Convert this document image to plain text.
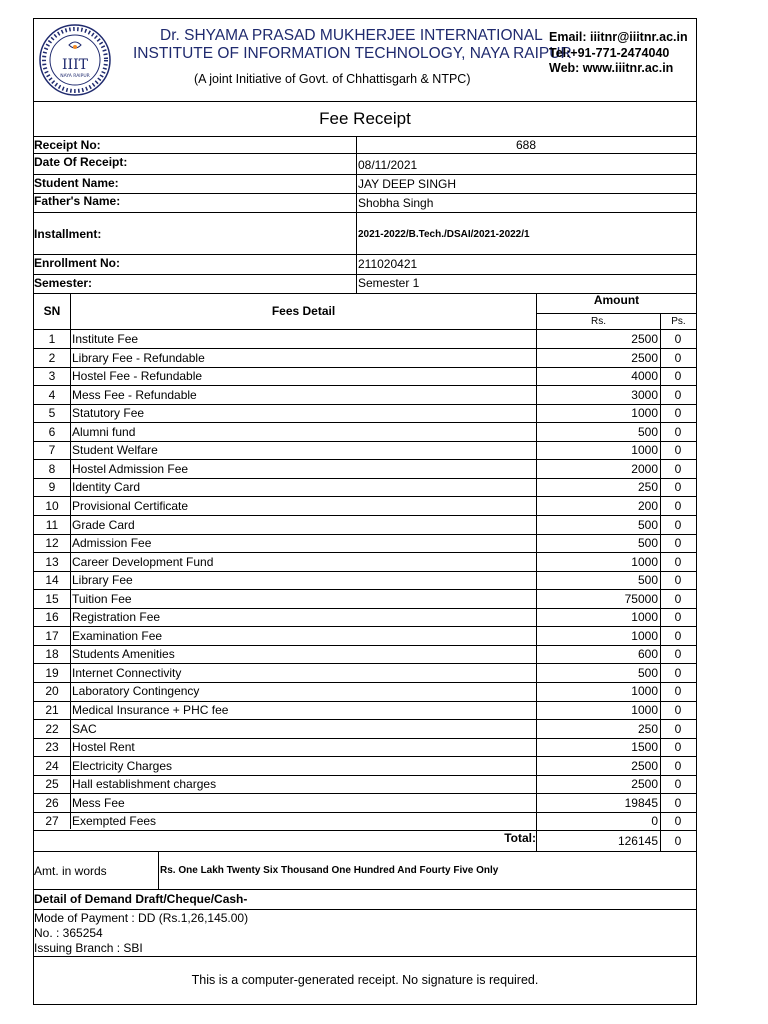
IIIT
NAYA RAIPUR
Dr. SHYAMA PRASAD MUKHERJEE INTERNATIONAL
INSTITUTE OF INFORMATION TECHNOLOGY, NAYA RAIPUR
(A joint Initiative of Govt. of Chhattisgarh & NTPC)
Email: iiitnr@iiitnr.ac.in
Tel:+91-771-2474040
Web: www.iiitnr.ac.in
Fee Receipt
Receipt No:	688
Date Of Receipt:	08/11/2021
Student Name:	JAY DEEP SINGH
Father's Name:	Shobha Singh
Installment:	2021-2022/B.Tech./DSAI/2021-2022/1
Enrollment No:	211020421
Semester:	Semester 1
SN	Fees Detail
Amount
Rs.	Ps.
1	Institute Fee	2500	0
2	Library Fee - Refundable	2500	0
3	Hostel Fee - Refundable	4000	0
4	Mess Fee - Refundable	3000	0
5	Statutory Fee	1000	0
6	Alumni fund	500	0
7	Student Welfare	1000	0
8	Hostel Admission Fee	2000	0
9	Identity Card	250	0
10	Provisional Certificate	200	0
11	Grade Card	500	0
12	Admission Fee	500	0
13	Career Development Fund	1000	0
14	Library Fee	500	0
15	Tuition Fee	75000	0
16	Registration Fee	1000	0
17	Examination Fee	1000	0
18	Students Amenities	600	0
19	Internet Connectivity	500	0
20	Laboratory Contingency	1000	0
21	Medical Insurance + PHC fee	1000	0
22	SAC	250	0
23	Hostel Rent	1500	0
24	Electricity Charges	2500	0
25	Hall establishment charges	2500	0
26	Mess Fee	19845	0
27	Exempted Fees	0	0
Total:	126145	0
Amt. in words	Rs. One Lakh Twenty Six Thousand One Hundred And Fourty Five Only
Detail of Demand Draft/Cheque/Cash-
Mode of Payment : DD (Rs.1,26,145.00)
No. : 365254
Issuing Branch : SBI
This is a computer-generated receipt. No signature is required.
